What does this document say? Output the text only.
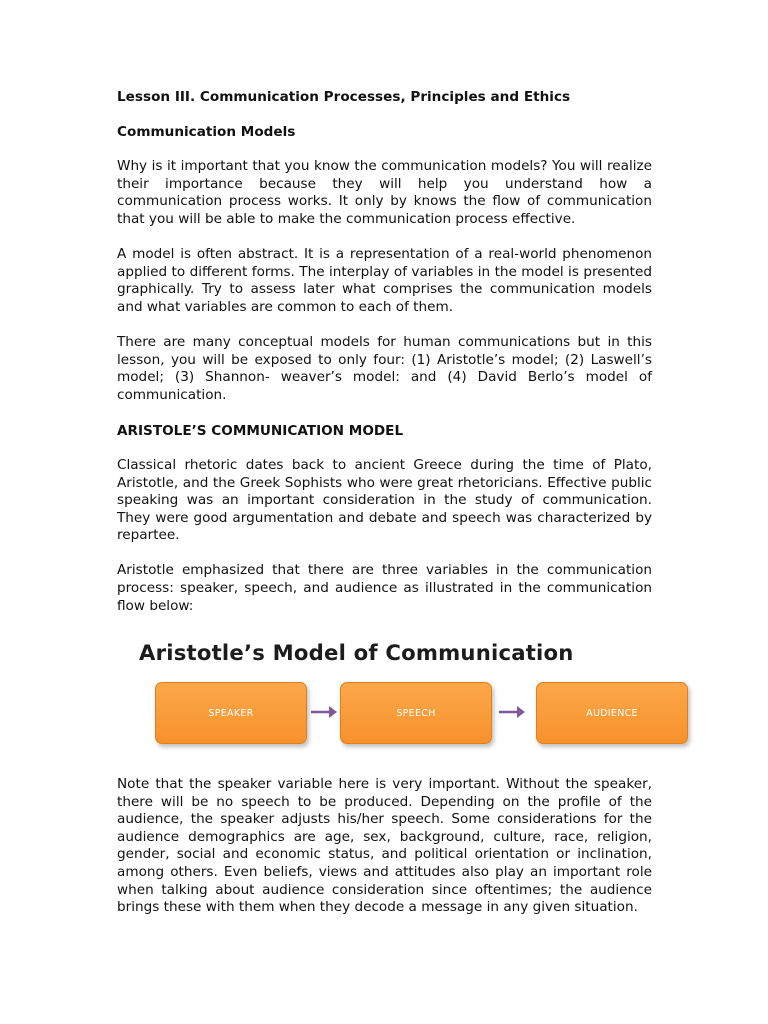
Lesson III. Communication Processes, Principles and Ethics

Communication Models

Why is it important that you know the communication models? You will realize their importance because they will help you understand how a communication process works. It only by knows the flow of communication that you will be able to make the communication process effective.

A model is often abstract. It is a representation of a real-world phenomenon applied to different forms. The interplay of variables in the model is presented graphically. Try to assess later what comprises the communication models and what variables are common to each of them.

There are many conceptual models for human communications but in this lesson, you will be exposed to only four: (1) Aristotle’s model; (2) Laswell’s model; (3) Shannon- weaver’s model: and (4) David Berlo’s model of communication.

ARISTOLE’S COMMUNICATION MODEL

Classical rhetoric dates back to ancient Greece during the time of Plato, Aristotle, and the Greek Sophists who were great rhetoricians. Effective public speaking was an important consideration in the study of communication. They were good argumentation and debate and speech was characterized by repartee.

Aristotle emphasized that there are three variables in the communication process: speaker, speech, and audience as illustrated in the communication flow below:

Aristotle’s Model of Communication

SPEAKER	SPEECH	AUDIENCE

Note that the speaker variable here is very important. Without the speaker, there will be no speech to be produced. Depending on the profile of the audience, the speaker adjusts his/her speech. Some considerations for the audience demographics are age, sex, background, culture, race, religion, gender, social and economic status, and political orientation or inclination, among others. Even beliefs, views and attitudes also play an important role when talking about audience consideration since oftentimes; the audience brings these with them when they decode a message in any given situation.
